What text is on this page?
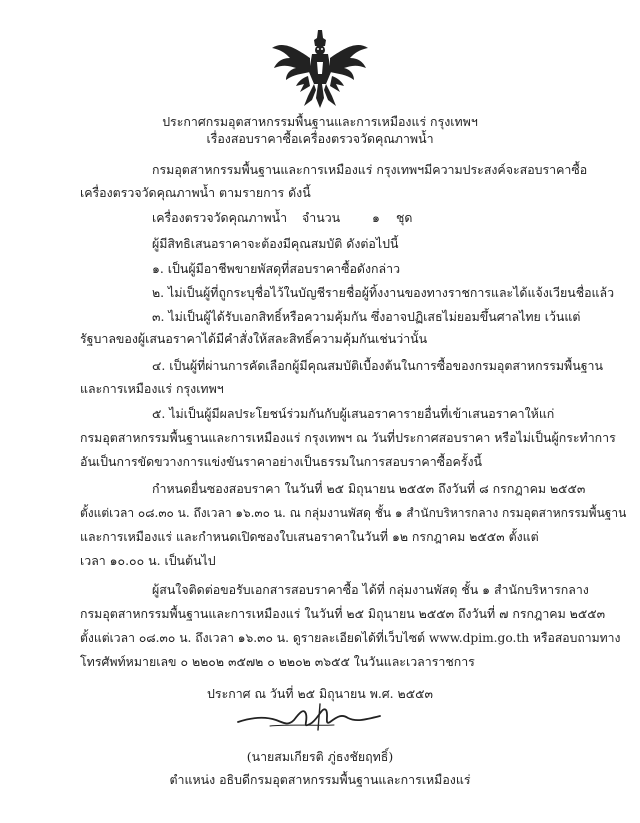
ประกาศกรมอุตสาหกรรมพื้นฐานและการเหมืองแร่ กรุงเทพฯ
เรื่องสอบราคาซื้อเครื่องตรวจวัดคุณภาพน้ำ
กรมอุตสาหกรรมพื้นฐานและการเหมืองแร่ กรุงเทพฯมีความประสงค์จะสอบราคาซื้อ
เครื่องตรวจวัดคุณภาพน้ำ ตามรายการ ดังนี้
เครื่องตรวจวัดคุณภาพน้ำ จำนวน	๑ ชุด
ผู้มีสิทธิเสนอราคาจะต้องมีคุณสมบัติ ดังต่อไปนี้
๑. เป็นผู้มีอาชีพขายพัสดุที่สอบราคาซื้อดังกล่าว
๒. ไม่เป็นผู้ที่ถูกระบุชื่อไว้ในบัญชีรายชื่อผู้ทิ้งงานของทางราชการและได้แจ้งเวียนชื่อแล้ว
๓. ไม่เป็นผู้ได้รับเอกสิทธิ์หรือความคุ้มกัน ซึ่งอาจปฏิเสธไม่ยอมขึ้นศาลไทย เว้นแต่
รัฐบาลของผู้เสนอราคาได้มีคำสั่งให้สละสิทธิ์ความคุ้มกันเช่นว่านั้น
๔. เป็นผู้ที่ผ่านการคัดเลือกผู้มีคุณสมบัติเบื้องต้นในการซื้อของกรมอุตสาหกรรมพื้นฐาน
และการเหมืองแร่ กรุงเทพฯ
๕. ไม่เป็นผู้มีผลประโยชน์ร่วมกันกับผู้เสนอราคารายอื่นที่เข้าเสนอราคาให้แก่
กรมอุตสาหกรรมพื้นฐานและการเหมืองแร่ กรุงเทพฯ ณ วันที่ประกาศสอบราคา หรือไม่เป็นผู้กระทำการ
อันเป็นการขัดขวางการแข่งขันราคาอย่างเป็นธรรมในการสอบราคาซื้อครั้งนี้
กำหนดยื่นซองสอบราคา ในวันที่ ๒๕ มิถุนายน ๒๕๕๓ ถึงวันที่ ๘ กรกฎาคม ๒๕๕๓
ตั้งแต่เวลา ๐๘.๓๐ น. ถึงเวลา ๑๖.๓๐ น. ณ กลุ่มงานพัสดุ ชั้น ๑ สำนักบริหารกลาง กรมอุตสาหกรรมพื้นฐาน
และการเหมืองแร่ และกำหนดเปิดซองใบเสนอราคาในวันที่ ๑๒ กรกฎาคม ๒๕๕๓ ตั้งแต่
เวลา ๑๐.๐๐ น. เป็นต้นไป
ผู้สนใจติดต่อขอรับเอกสารสอบราคาซื้อ ได้ที่ กลุ่มงานพัสดุ ชั้น ๑ สำนักบริหารกลาง
กรมอุตสาหกรรมพื้นฐานและการเหมืองแร่ ในวันที่ ๒๕ มิถุนายน ๒๕๕๓ ถึงวันที่ ๗ กรกฎาคม ๒๕๕๓
ตั้งแต่เวลา ๐๘.๓๐ น. ถึงเวลา ๑๖.๓๐ น. ดูรายละเอียดได้ที่เว็บไซต์ www.dpim.go.th หรือสอบถามทาง
โทรศัพท์หมายเลข ๐ ๒๒๐๒ ๓๕๗๒ ๐ ๒๒๐๒ ๓๖๕๕ ในวันและเวลาราชการ
ประกาศ ณ วันที่ ๒๕ มิถุนายน พ.ศ. ๒๕๕๓
(นายสมเกียรติ ภู่ธงชัยฤทธิ์)
ตำแหน่ง อธิบดีกรมอุตสาหกรรมพื้นฐานและการเหมืองแร่
